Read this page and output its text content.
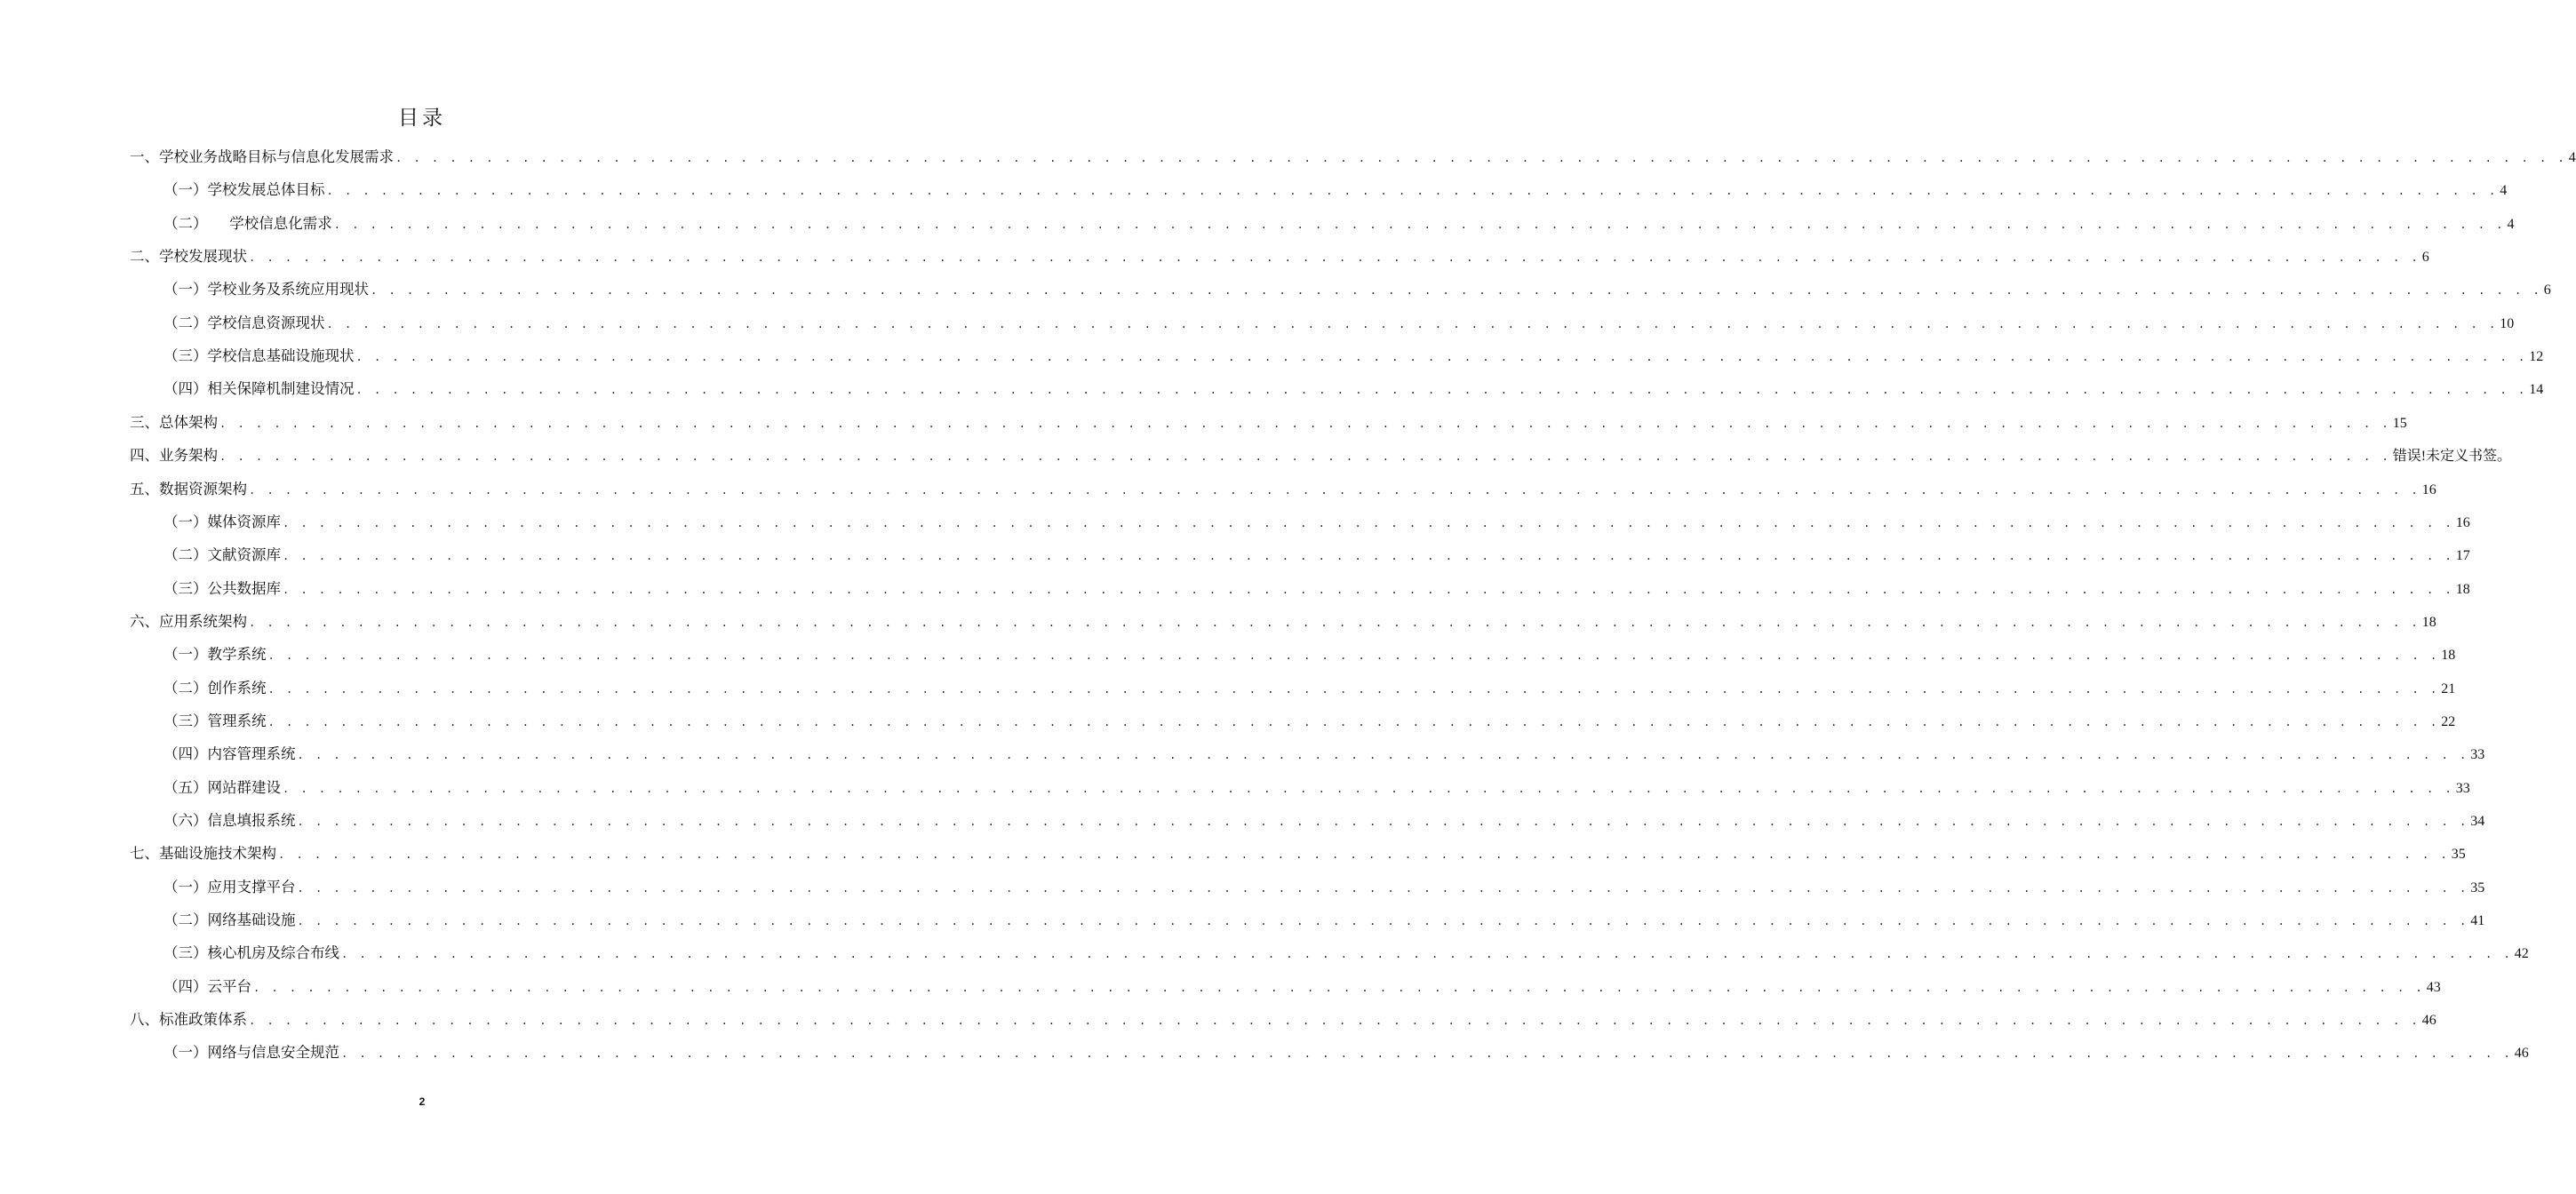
目录
一、学校业务战略目标与信息化发展需求 . . . . . . . . . . . . . . . . . . . . . . . . . . . . . . . . . . . . . . . . . . . . . . . . . . . . . . . . . . . . . . . . . . . . . . . . . . . . . . . . . . . . . . . . . . . . . . . . . . . . . . . . . . . . . . . . . . . . . . . . 4
（一）学校发展总体目标 . . . . . . . . . . . . . . . . . . . . . . . . . . . . . . . . . . . . . . . . . . . . . . . . . . . . . . . . . . . . . . . . . . . . . . . . . . . . . . . . . . . . . . . . . . . . . . . . . . . . . . . . . . . . . . . . . . . . . . . . 4
（二）　　学校信息化需求 . . . . . . . . . . . . . . . . . . . . . . . . . . . . . . . . . . . . . . . . . . . . . . . . . . . . . . . . . . . . . . . . . . . . . . . . . . . . . . . . . . . . . . . . . . . . . . . . . . . . . . . . . . . . . . . . . . . . . . . . 4
二、学校发展现状 . . . . . . . . . . . . . . . . . . . . . . . . . . . . . . . . . . . . . . . . . . . . . . . . . . . . . . . . . . . . . . . . . . . . . . . . . . . . . . . . . . . . . . . . . . . . . . . . . . . . . . . . . . . . . . . . . . . . . . . . 6
（一）学校业务及系统应用现状 . . . . . . . . . . . . . . . . . . . . . . . . . . . . . . . . . . . . . . . . . . . . . . . . . . . . . . . . . . . . . . . . . . . . . . . . . . . . . . . . . . . . . . . . . . . . . . . . . . . . . . . . . . . . . . . . . . . . . . . . 6
（二）学校信息资源现状 . . . . . . . . . . . . . . . . . . . . . . . . . . . . . . . . . . . . . . . . . . . . . . . . . . . . . . . . . . . . . . . . . . . . . . . . . . . . . . . . . . . . . . . . . . . . . . . . . . . . . . . . . . . . . . . . . . . . . . . . 10
（三）学校信息基础设施现状 . . . . . . . . . . . . . . . . . . . . . . . . . . . . . . . . . . . . . . . . . . . . . . . . . . . . . . . . . . . . . . . . . . . . . . . . . . . . . . . . . . . . . . . . . . . . . . . . . . . . . . . . . . . . . . . . . . . . . . . . 12
（四）相关保障机制建设情况 . . . . . . . . . . . . . . . . . . . . . . . . . . . . . . . . . . . . . . . . . . . . . . . . . . . . . . . . . . . . . . . . . . . . . . . . . . . . . . . . . . . . . . . . . . . . . . . . . . . . . . . . . . . . . . . . . . . . . . . . 14
三、总体架构 . . . . . . . . . . . . . . . . . . . . . . . . . . . . . . . . . . . . . . . . . . . . . . . . . . . . . . . . . . . . . . . . . . . . . . . . . . . . . . . . . . . . . . . . . . . . . . . . . . . . . . . . . . . . . . . . . . . . . . . . 15
四、业务架构 . . . . . . . . . . . . . . . . . . . . . . . . . . . . . . . . . . . . . . . . . . . . . . . . . . . . . . . . . . . . . . . . . . . . . . . . . . . . . . . . . . . . . . . . . . . . . . . . . . . . . . . . . . . . . . . . . . . . . . . . 错误!未定义书签。
五、数据资源架构 . . . . . . . . . . . . . . . . . . . . . . . . . . . . . . . . . . . . . . . . . . . . . . . . . . . . . . . . . . . . . . . . . . . . . . . . . . . . . . . . . . . . . . . . . . . . . . . . . . . . . . . . . . . . . . . . . . . . . . . . 16
（一）媒体资源库 . . . . . . . . . . . . . . . . . . . . . . . . . . . . . . . . . . . . . . . . . . . . . . . . . . . . . . . . . . . . . . . . . . . . . . . . . . . . . . . . . . . . . . . . . . . . . . . . . . . . . . . . . . . . . . . . . . . . . . . . 16
（二）文献资源库 . . . . . . . . . . . . . . . . . . . . . . . . . . . . . . . . . . . . . . . . . . . . . . . . . . . . . . . . . . . . . . . . . . . . . . . . . . . . . . . . . . . . . . . . . . . . . . . . . . . . . . . . . . . . . . . . . . . . . . . . 17
（三）公共数据库 . . . . . . . . . . . . . . . . . . . . . . . . . . . . . . . . . . . . . . . . . . . . . . . . . . . . . . . . . . . . . . . . . . . . . . . . . . . . . . . . . . . . . . . . . . . . . . . . . . . . . . . . . . . . . . . . . . . . . . . . 18
六、应用系统架构 . . . . . . . . . . . . . . . . . . . . . . . . . . . . . . . . . . . . . . . . . . . . . . . . . . . . . . . . . . . . . . . . . . . . . . . . . . . . . . . . . . . . . . . . . . . . . . . . . . . . . . . . . . . . . . . . . . . . . . . . 18
（一）教学系统 . . . . . . . . . . . . . . . . . . . . . . . . . . . . . . . . . . . . . . . . . . . . . . . . . . . . . . . . . . . . . . . . . . . . . . . . . . . . . . . . . . . . . . . . . . . . . . . . . . . . . . . . . . . . . . . . . . . . . . . . 18
（二）创作系统 . . . . . . . . . . . . . . . . . . . . . . . . . . . . . . . . . . . . . . . . . . . . . . . . . . . . . . . . . . . . . . . . . . . . . . . . . . . . . . . . . . . . . . . . . . . . . . . . . . . . . . . . . . . . . . . . . . . . . . . . 21
（三）管理系统 . . . . . . . . . . . . . . . . . . . . . . . . . . . . . . . . . . . . . . . . . . . . . . . . . . . . . . . . . . . . . . . . . . . . . . . . . . . . . . . . . . . . . . . . . . . . . . . . . . . . . . . . . . . . . . . . . . . . . . . . 22
（四）内容管理系统 . . . . . . . . . . . . . . . . . . . . . . . . . . . . . . . . . . . . . . . . . . . . . . . . . . . . . . . . . . . . . . . . . . . . . . . . . . . . . . . . . . . . . . . . . . . . . . . . . . . . . . . . . . . . . . . . . . . . . . . . 33
（五）网站群建设 . . . . . . . . . . . . . . . . . . . . . . . . . . . . . . . . . . . . . . . . . . . . . . . . . . . . . . . . . . . . . . . . . . . . . . . . . . . . . . . . . . . . . . . . . . . . . . . . . . . . . . . . . . . . . . . . . . . . . . . . 33
（六）信息填报系统 . . . . . . . . . . . . . . . . . . . . . . . . . . . . . . . . . . . . . . . . . . . . . . . . . . . . . . . . . . . . . . . . . . . . . . . . . . . . . . . . . . . . . . . . . . . . . . . . . . . . . . . . . . . . . . . . . . . . . . . . 34
七、基础设施技术架构 . . . . . . . . . . . . . . . . . . . . . . . . . . . . . . . . . . . . . . . . . . . . . . . . . . . . . . . . . . . . . . . . . . . . . . . . . . . . . . . . . . . . . . . . . . . . . . . . . . . . . . . . . . . . . . . . . . . . . . . . 35
（一）应用支撑平台 . . . . . . . . . . . . . . . . . . . . . . . . . . . . . . . . . . . . . . . . . . . . . . . . . . . . . . . . . . . . . . . . . . . . . . . . . . . . . . . . . . . . . . . . . . . . . . . . . . . . . . . . . . . . . . . . . . . . . . . . 35
（二）网络基础设施 . . . . . . . . . . . . . . . . . . . . . . . . . . . . . . . . . . . . . . . . . . . . . . . . . . . . . . . . . . . . . . . . . . . . . . . . . . . . . . . . . . . . . . . . . . . . . . . . . . . . . . . . . . . . . . . . . . . . . . . . 41
（三）核心机房及综合布线 . . . . . . . . . . . . . . . . . . . . . . . . . . . . . . . . . . . . . . . . . . . . . . . . . . . . . . . . . . . . . . . . . . . . . . . . . . . . . . . . . . . . . . . . . . . . . . . . . . . . . . . . . . . . . . . . . . . . . . . . 42
（四）云平台 . . . . . . . . . . . . . . . . . . . . . . . . . . . . . . . . . . . . . . . . . . . . . . . . . . . . . . . . . . . . . . . . . . . . . . . . . . . . . . . . . . . . . . . . . . . . . . . . . . . . . . . . . . . . . . . . . . . . . . . . 43
八、标准政策体系 . . . . . . . . . . . . . . . . . . . . . . . . . . . . . . . . . . . . . . . . . . . . . . . . . . . . . . . . . . . . . . . . . . . . . . . . . . . . . . . . . . . . . . . . . . . . . . . . . . . . . . . . . . . . . . . . . . . . . . . . 46
（一）网络与信息安全规范 . . . . . . . . . . . . . . . . . . . . . . . . . . . . . . . . . . . . . . . . . . . . . . . . . . . . . . . . . . . . . . . . . . . . . . . . . . . . . . . . . . . . . . . . . . . . . . . . . . . . . . . . . . . . . . . . . . . . . . . . 46
2
